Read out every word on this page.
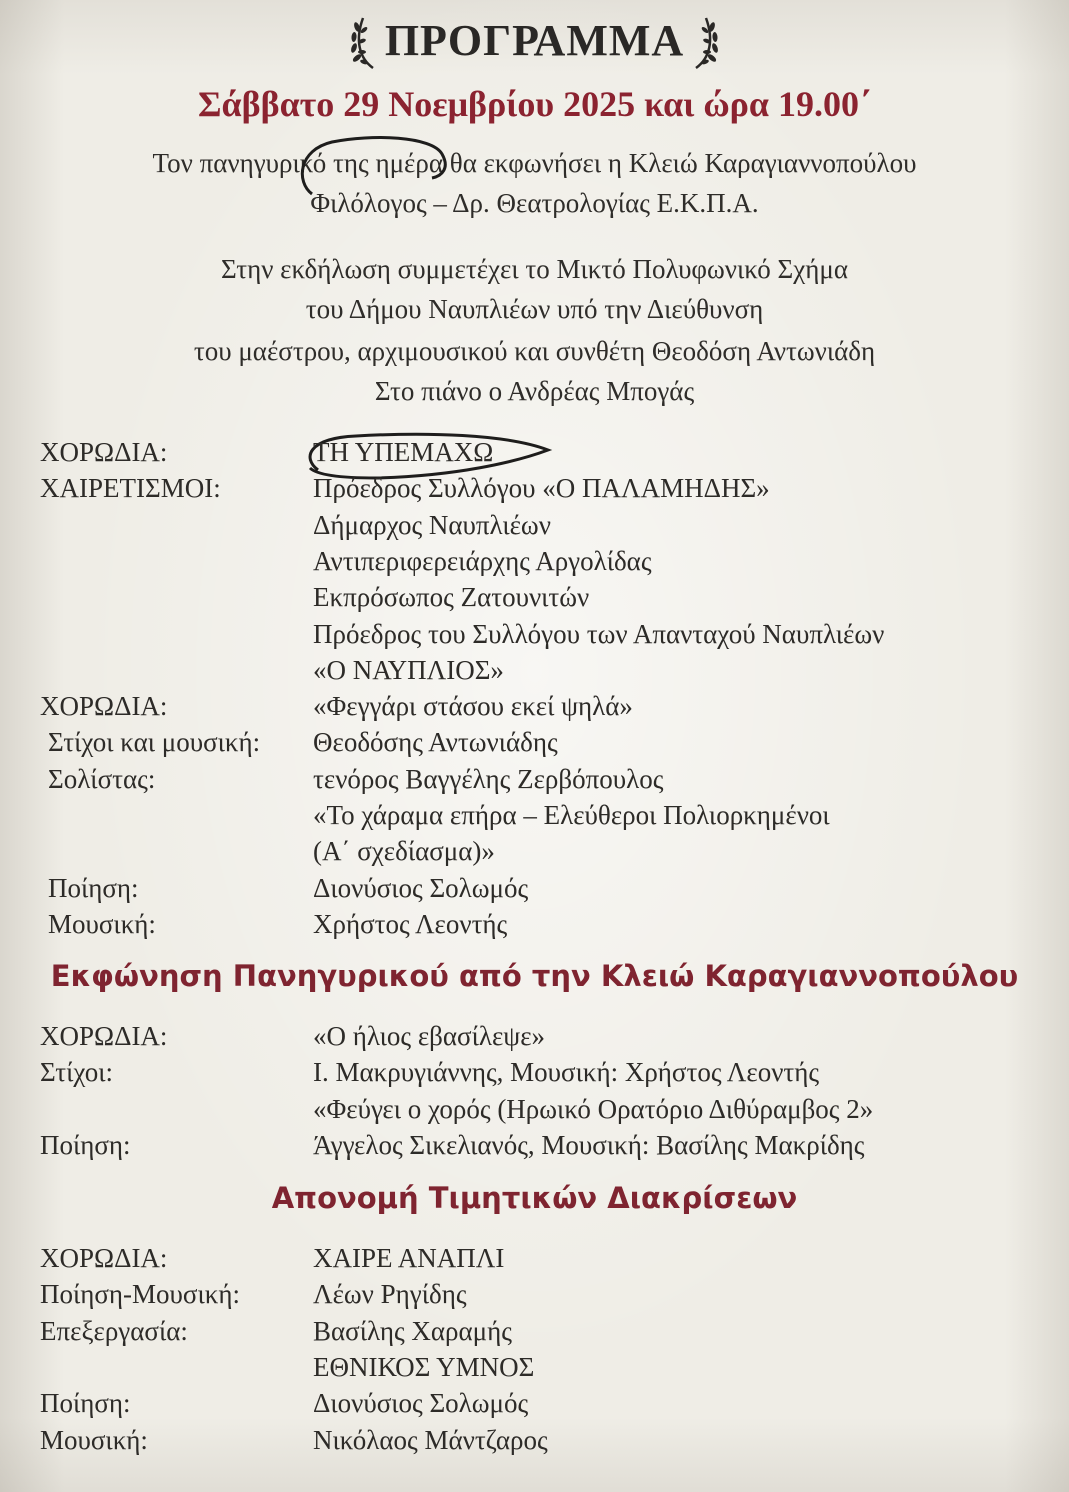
ΠΡΟΓΡΑΜΜΑ
Σάββατο 29 Νοεμβρίου 2025 και ώρα 19.00΄
Τον πανηγυρικό της ημέρα θα εκφωνήσει η Κλειώ Καραγιαννοπούλου
Φιλόλογος – Δρ. Θεατρολογίας Ε.Κ.Π.Α.
Στην εκδήλωση συμμετέχει το Μικτό Πολυφωνικό Σχήμα
του Δήμου Ναυπλιέων υπό την Διεύθυνση
του μαέστρου, αρχιμουσικού και συνθέτη Θεοδόση Αντωνιάδη
Στο πιάνο ο Ανδρέας Μπογάς
ΧΟΡΩΔΙΑ:	ΤΗ ΥΠΕΜΑΧΩ
ΧΑΙΡΕΤΙΣΜΟΙ:	Πρόεδρος Συλλόγου «Ο ΠΑΛΑΜΗΔΗΣ»
Δήμαρχος Ναυπλιέων
Αντιπεριφερειάρχης Αργολίδας
Εκπρόσωπος Ζατουνιτών
Πρόεδρος του Συλλόγου των Απανταχού Ναυπλιέων
«Ο ΝΑΥΠΛΙΟΣ»
ΧΟΡΩΔΙΑ:	«Φεγγάρι στάσου εκεί ψηλά»
Στίχοι και μουσική: Θεοδόσης Αντωνιάδης
Σολίστας:	τενόρος Βαγγέλης Ζερβόπουλος
«Το χάραμα επήρα – Ελεύθεροι Πολιορκημένοι
(Α΄ σχεδίασμα)»
Ποίηση:	Διονύσιος Σολωμός
Μουσική:	Χρήστος Λεοντής
Εκφώνηση Πανηγυρικού από την Κλειώ Καραγιαννοπούλου
ΧΟΡΩΔΙΑ:	«Ο ήλιος εβασίλεψε»
Στίχοι:	Ι. Μακρυγιάννης, Μουσική: Χρήστος Λεοντής
«Φεύγει ο χορός (Ηρωικό Ορατόριο Διθύραμβος 2»
Ποίηση:	Άγγελος Σικελιανός, Μουσική: Βασίλης Μακρίδης
Απονομή Τιμητικών Διακρίσεων
ΧΟΡΩΔΙΑ:	ΧΑΙΡΕ ΑΝΑΠΛΙ
Ποίηση-Μουσική:	Λέων Ρηγίδης
Επεξεργασία:	Βασίλης Χαραμής
ΕΘΝΙΚΟΣ ΥΜΝΟΣ
Ποίηση:	Διονύσιος Σολωμός
Μουσική:	Νικόλαος Μάντζαρος
